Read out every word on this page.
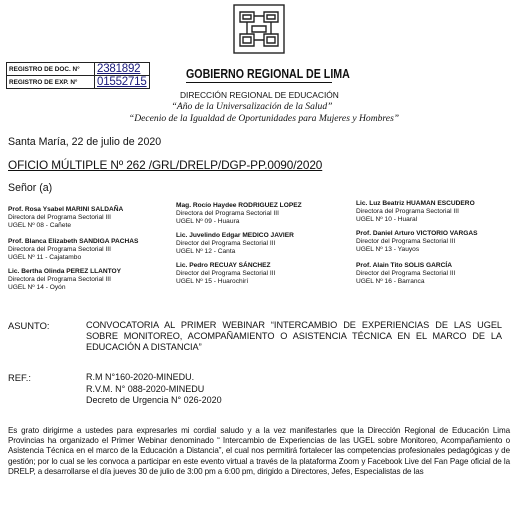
REGISTRO DE DOC. N°	2381892
REGISTRO DE EXP. N°	01552715
GOBIERNO REGIONAL DE LIMA
DIRECCIÓN REGIONAL DE EDUCACIÓN
“Año de la Universalización de la Salud”
“Decenio de la Igualdad de Oportunidades para Mujeres y Hombres”
Santa María, 22 de julio de 2020
OFICIO MÚLTIPLE Nº 262 /GRL/DRELP/DGP-PP.0090/2020
Señor (a)
Prof. Rosa Ysabel MARINI SALDAÑA
Directora del Programa Sectorial III
UGEL Nº 08 - Cañete
Prof. Blanca Elizabeth SANDIGA PACHAS
Directora del Programa Sectorial III
UGEL Nº 11 - Cajatambo
Lic. Bertha Olinda PEREZ LLANTOY
Directora del Programa Sectorial III
UGEL Nº 14 - Oyón
Mag. Rocío Haydee RODRIGUEZ LOPEZ
Directora del Programa Sectorial III
UGEL Nº 09 - Huaura
Lic. Juvelindo Edgar MEDICO JAVIER
Director del Programa Sectorial III
UGEL Nº 12 - Canta
Lic. Pedro RECUAY SÁNCHEZ
Director del Programa Sectorial III
UGEL Nº 15 - Huarochirí
Lic. Luz Beatriz HUAMAN ESCUDERO
Directora del Programa Sectorial III
UGEL Nº 10 - Huaral
Prof. Daniel Arturo VICTORIO VARGAS
Director del Programa Sectorial III
UGEL Nº 13 - Yauyos
Prof. Alain Tito SOLIS GARCÍA
Director del Programa Sectorial III
UGEL Nº 16 - Barranca
ASUNTO:	CONVOCATORIA AL PRIMER WEBINAR “INTERCAMBIO DE EXPERIENCIAS DE LAS UGEL SOBRE MONITOREO, ACOMPAÑAMIENTO O ASISTENCIA TÉCNICA EN EL MARCO DE LA EDUCACIÓN A DISTANCIA”
REF.:	R.M N°160-2020-MINEDU.
R.V.M. N° 088-2020-MINEDU
Decreto de Urgencia N° 026-2020
Es grato dirigirme a ustedes para expresarles mi cordial saludo y a la vez manifestarles que la Dirección Regional de Educación Lima Provincias ha organizado el Primer Webinar denominado “ Intercambio de Experiencias de las UGEL sobre Monitoreo, Acompañamiento o Asistencia Técnica en el marco de la Educación a Distancia”, el cual nos permitirá fortalecer las competencias profesionales pedagógicas y de gestión; por lo cual se les convoca a participar en este evento virtual a través de la plataforma Zoom y Facebook Live del Fan Page oficial de la DRELP, a desarrollarse el día jueves 30 de julio de 3:00 pm a 6:00 pm, dirigido a Directores, Jefes, Especialistas de las
